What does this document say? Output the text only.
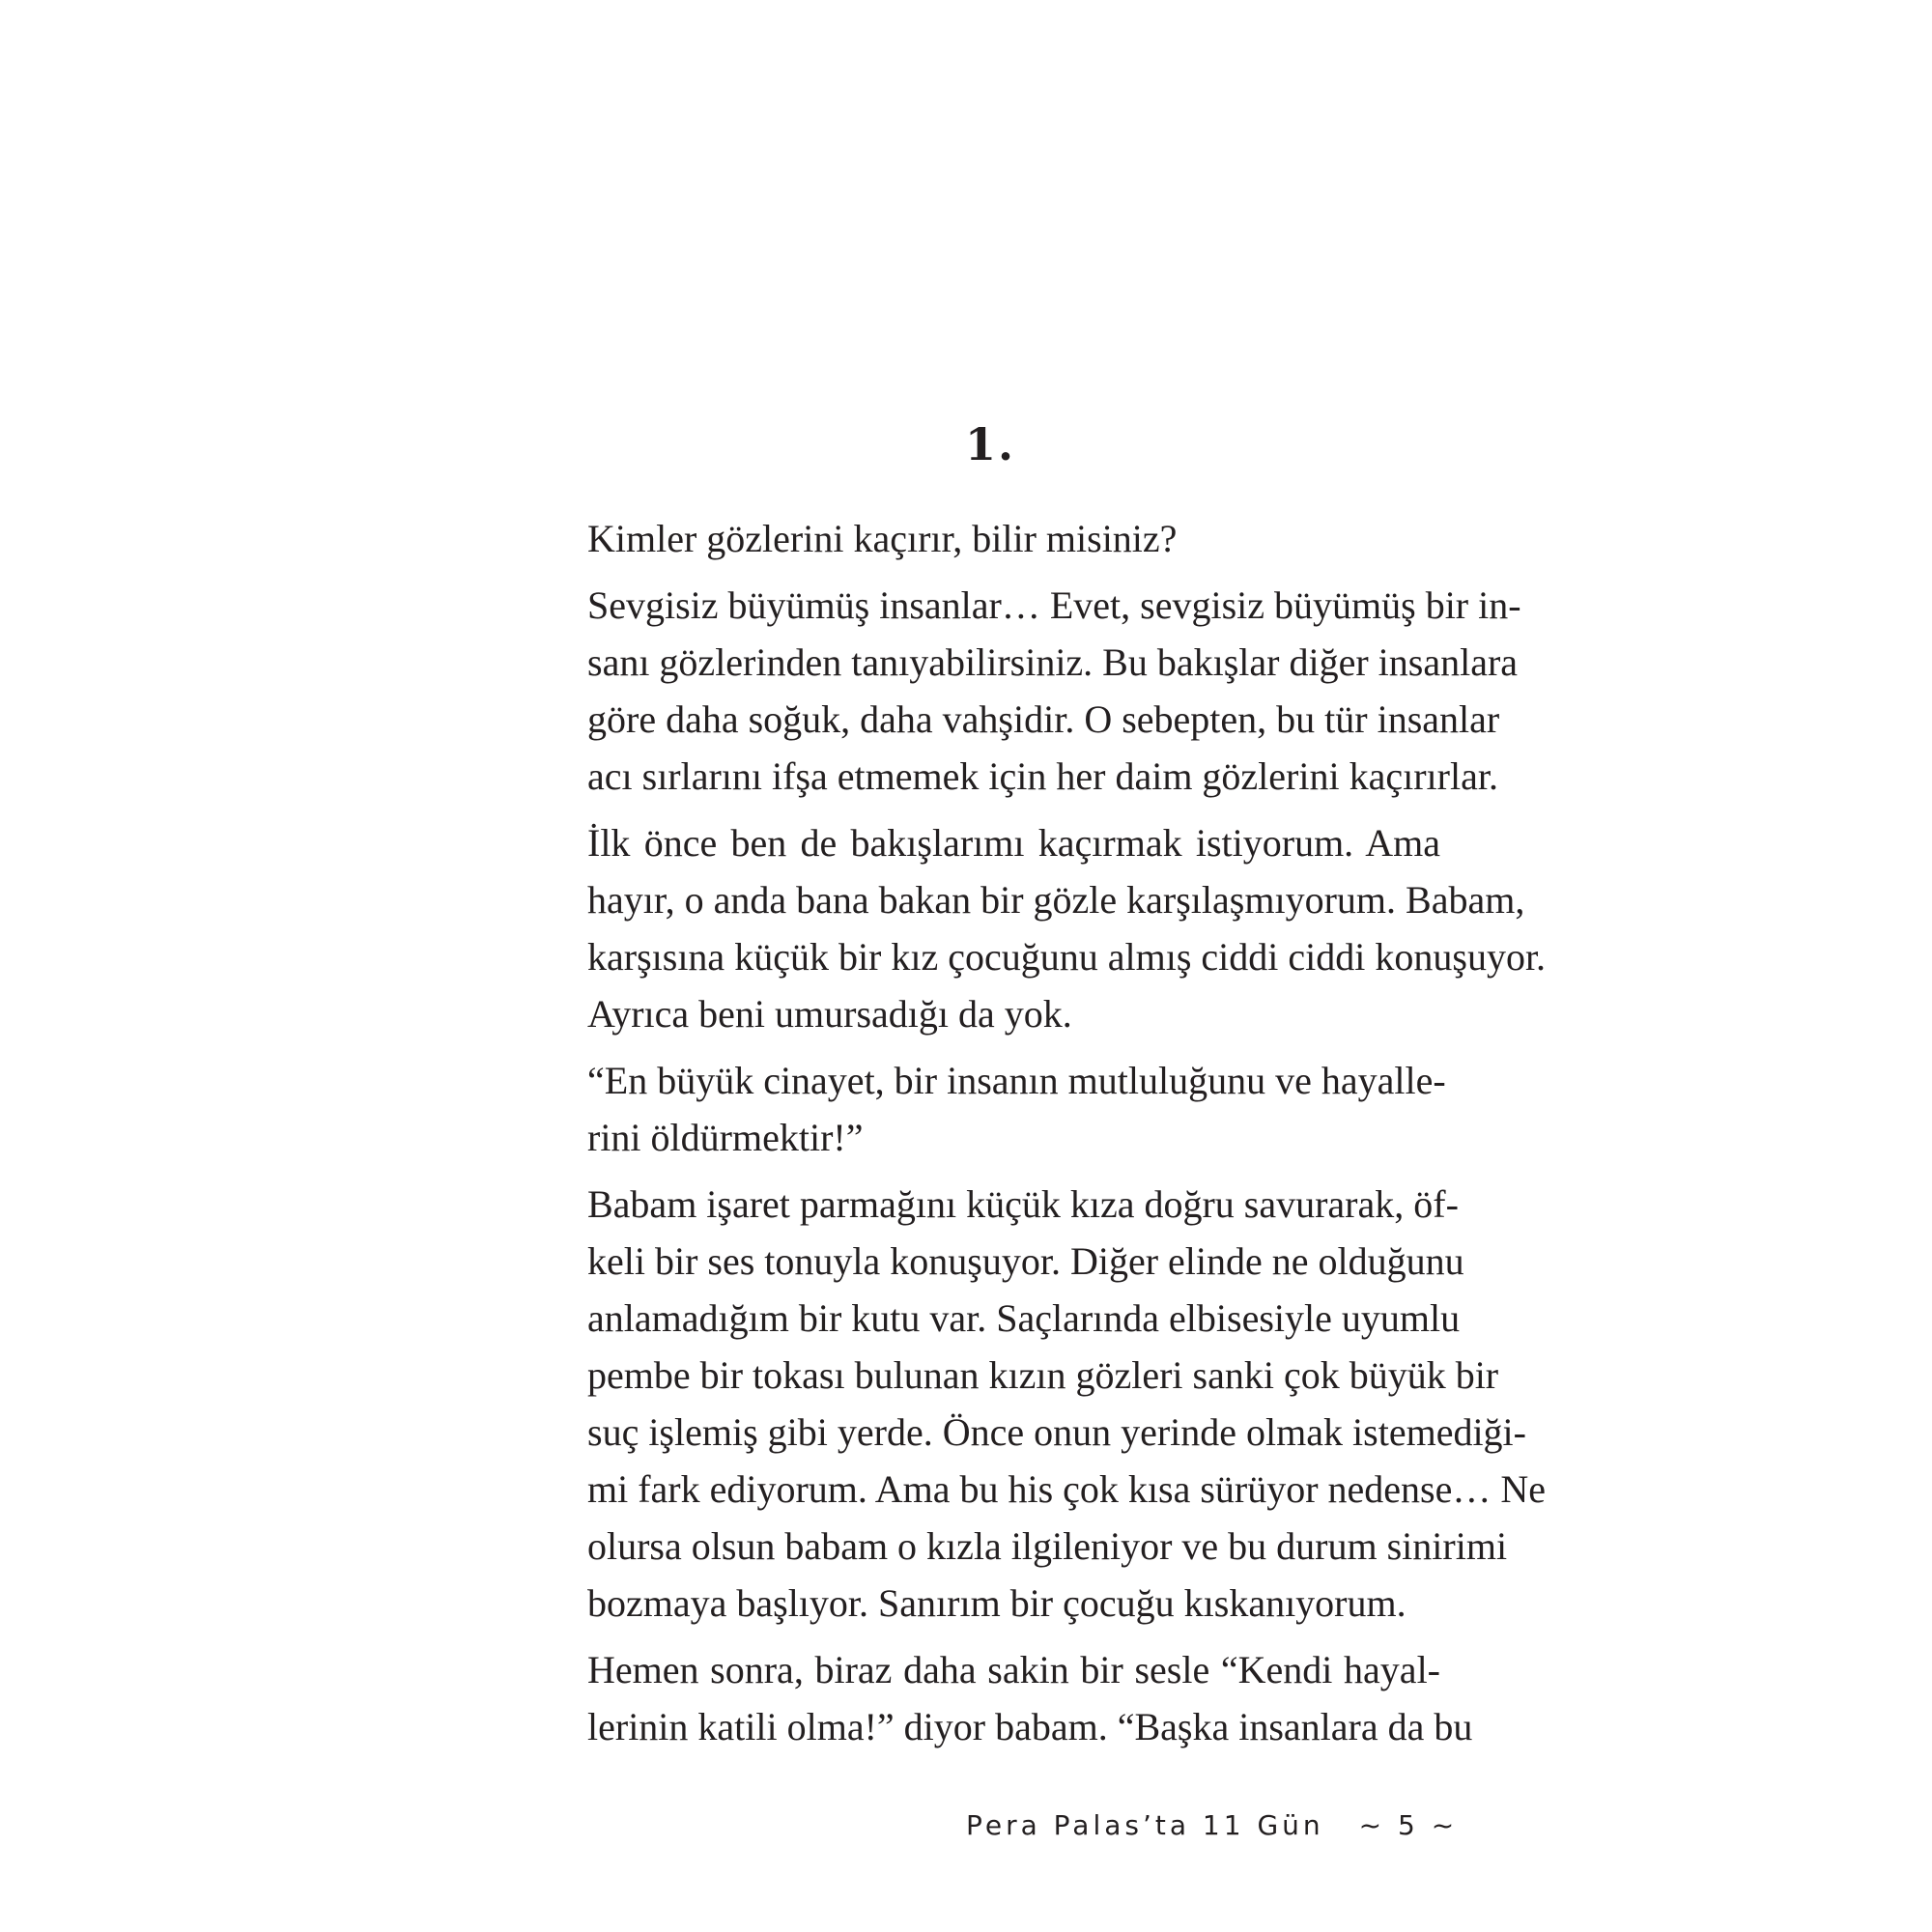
1.

Kimler gözlerini kaçırır, bilir misiniz?

Sevgisiz büyümüş insanlar… Evet, sevgisiz büyümüş bir in-
sanı gözlerinden tanıyabilirsiniz. Bu bakışlar diğer insanlara
göre daha soğuk, daha vahşidir. O sebepten, bu tür insanlar
acı sırlarını ifşa etmemek için her daim gözlerini kaçırırlar.

İlk önce ben de bakışlarımı kaçırmak istiyorum. Ama
hayır, o anda bana bakan bir gözle karşılaşmıyorum. Babam,
karşısına küçük bir kız çocuğunu almış ciddi ciddi konuşuyor.
Ayrıca beni umursadığı da yok.

“En büyük cinayet, bir insanın mutluluğunu ve hayalle-
rini öldürmektir!”

Babam işaret parmağını küçük kıza doğru savurarak, öf-
keli bir ses tonuyla konuşuyor. Diğer elinde ne olduğunu
anlamadığım bir kutu var. Saçlarında elbisesiyle uyumlu
pembe bir tokası bulunan kızın gözleri sanki çok büyük bir
suç işlemiş gibi yerde. Önce onun yerinde olmak istemediği-
mi fark ediyorum. Ama bu his çok kısa sürüyor nedense… Ne
olursa olsun babam o kızla ilgileniyor ve bu durum sinirimi
bozmaya başlıyor. Sanırım bir çocuğu kıskanıyorum.

Hemen sonra, biraz daha sakin bir sesle “Kendi hayal-
lerinin katili olma!” diyor babam. “Başka insanlara da bu

Pera Palas’ta 11 Gün ~ 5 ~
